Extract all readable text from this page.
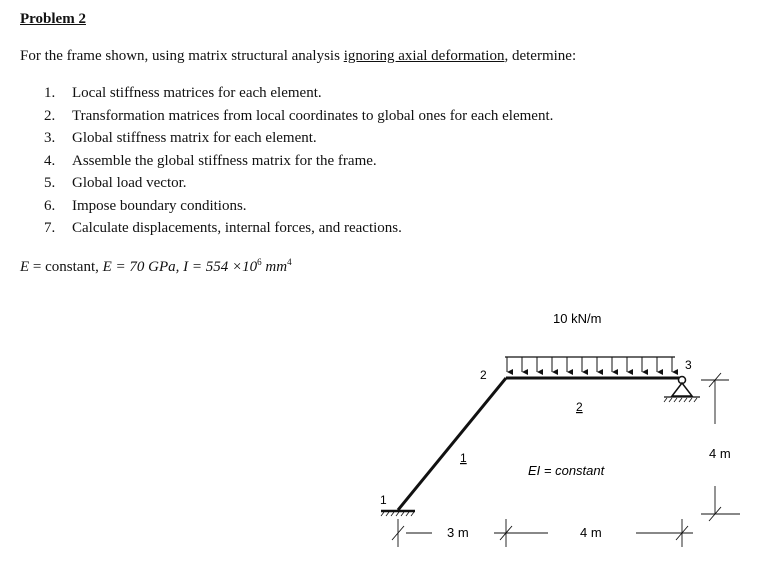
Problem 2
For the frame shown, using matrix structural analysis ignoring axial deformation, determine:
1. Local stiffness matrices for each element.
2. Transformation matrices from local coordinates to global ones for each element.
3. Global stiffness matrix for each element.
4. Assemble the global stiffness matrix for the frame.
5. Global load vector.
6. Impose boundary conditions.
7. Calculate displacements, internal forces, and reactions.
E = constant, E = 70 GPa, $I = 554 \times 10^6$ $mm^4$
10 kN/m
1
2
3
1
2
EI = constant
3 m	4 m
4 m
